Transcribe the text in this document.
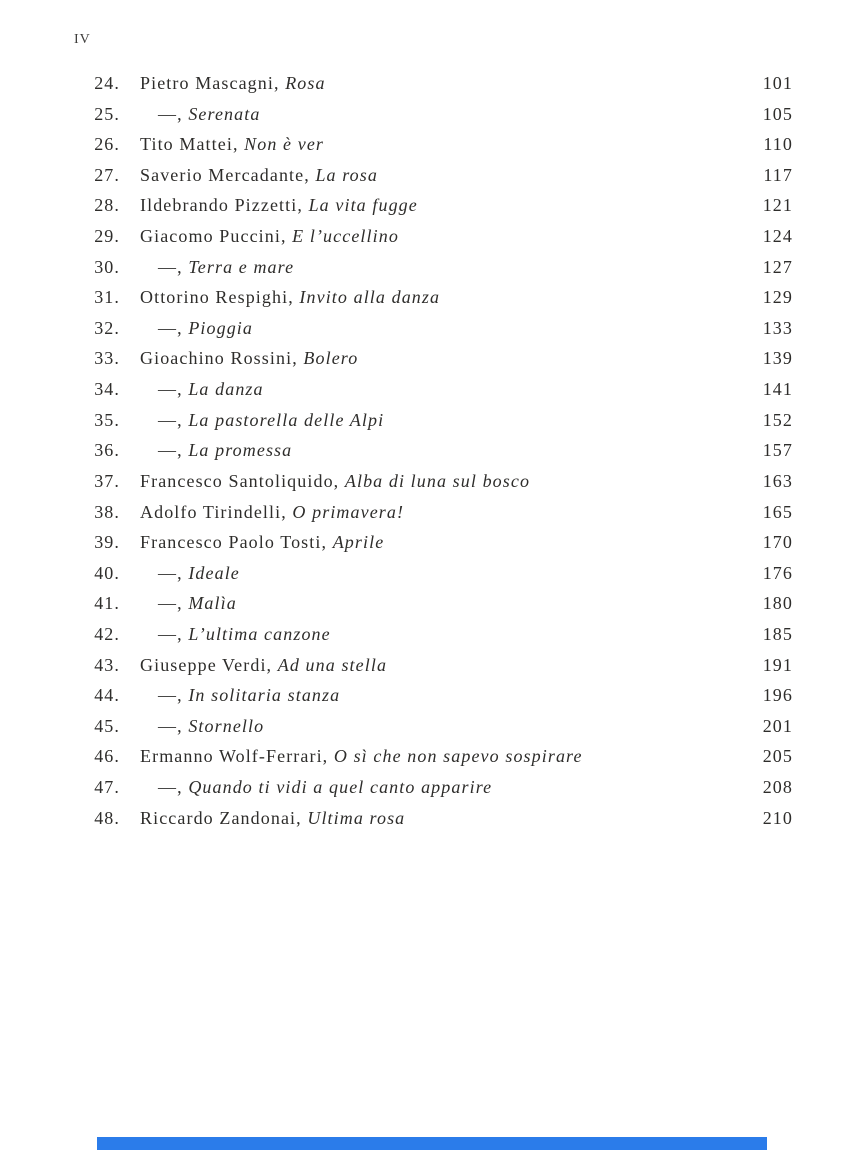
IV
24. Pietro Mascagni, Rosa	101
25.	—, Serenata	105
26. Tito Mattei, Non è ver	110
27. Saverio Mercadante, La rosa	117
28. Ildebrando Pizzetti, La vita fugge	121
29. Giacomo Puccini, E l’uccellino	124
30.	—, Terra e mare	127
31. Ottorino Respighi, Invito alla danza	129
32.	—, Pioggia	133
33. Gioachino Rossini, Bolero	139
34.	—, La danza	141
35.	—, La pastorella delle Alpi	152
36.	—, La promessa	157
37. Francesco Santoliquido, Alba di luna sul bosco	163
38. Adolfo Tirindelli, O primavera!	165
39. Francesco Paolo Tosti, Aprile	170
40.	—, Ideale	176
41.	—, Malìa	180
42.	—, L’ultima canzone	185
43. Giuseppe Verdi, Ad una stella	191
44.	—, In solitaria stanza	196
45.	—, Stornello	201
46. Ermanno Wolf-Ferrari, O sì che non sapevo sospirare	205
47.	—, Quando ti vidi a quel canto apparire	208
48. Riccardo Zandonai, Ultima rosa	210
